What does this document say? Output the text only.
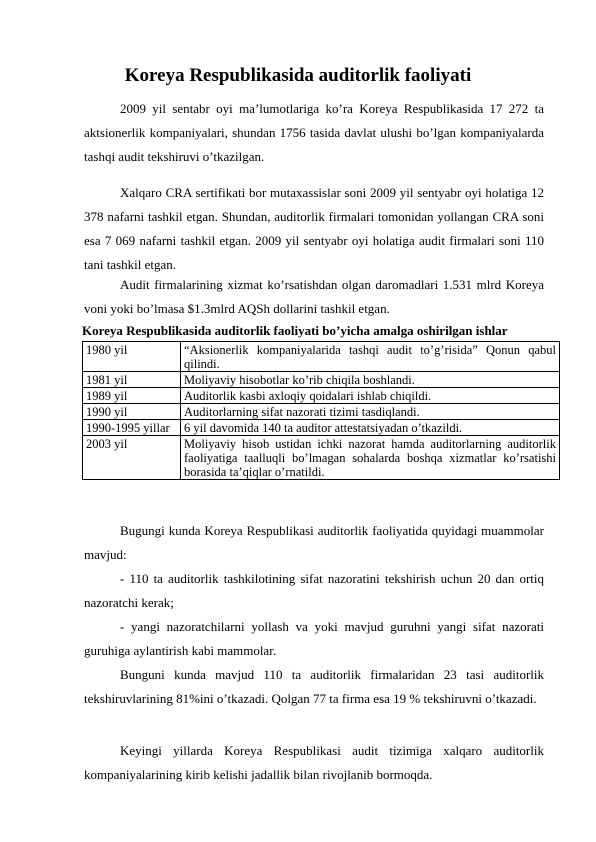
Koreya Respublikasida auditorlik faoliyati

2009 yil sentabr oyi ma’lumotlariga ko’ra Koreya Respublikasida 17 272 ta aktsionerlik kompaniyalari, shundan 1756 tasida davlat ulushi bo’lgan kompaniyalarda tashqi audit tekshiruvi o’tkazilgan.

Xalqaro CRA sertifikati bor mutaxassislar soni 2009 yil sentyabr oyi holatiga 12 378 nafarni tashkil etgan. Shundan, auditorlik firmalari tomonidan yollangan CRA soni esa 7 069 nafarni tashkil etgan. 2009 yil sentyabr oyi holatiga audit firmalari soni 110 tani tashkil etgan.

Audit firmalarining xizmat ko’rsatishdan olgan daromadlari 1.531 mlrd Koreya voni yoki bo’lmasa $1.3mlrd AQSh dollarini tashkil etgan.

Koreya Respublikasida auditorlik faoliyati bo’yicha amalga oshirilgan ishlar
1980 yil	“Aksionerlik kompaniyalarida tashqi audit to’g’risida” Qonun qabul qilindi.
1981 yil	Moliyaviy hisobotlar ko’rib chiqila boshlandi.
1989 yil	Auditorlik kasbi axloqiy qoidalari ishlab chiqildi.
1990 yil	Auditorlarning sifat nazorati tizimi tasdiqlandi.
1990-1995 yillar	6 yil davomida 140 ta auditor attestatsiyadan o’tkazildi.
2003 yil	Moliyaviy hisob ustidan ichki nazorat hamda auditorlarning auditorlik faoliyatiga taalluqli bo’lmagan sohalarda boshqa xizmatlar ko’rsatishi borasida ta’qiqlar o’rnatildi.

Bugungi kunda Koreya Respublikasi auditorlik faoliyatida quyidagi muammolar mavjud:

- 110 ta auditorlik tashkilotining sifat nazoratini tekshirish uchun 20 dan ortiq nazoratchi kerak;

- yangi nazoratchilarni yollash va yoki mavjud guruhni yangi sifat nazorati guruhiga aylantirish kabi mammolar.

Bunguni kunda mavjud 110 ta auditorlik firmalaridan 23 tasi auditorlik tekshiruvlarining 81%ini o’tkazadi. Qolgan 77 ta firma esa 19 % tekshiruvni o’tkazadi.

Keyingi yillarda Koreya Respublikasi audit tizimiga xalqaro auditorlik kompaniyalarining kirib kelishi jadallik bilan rivojlanib bormoqda.
